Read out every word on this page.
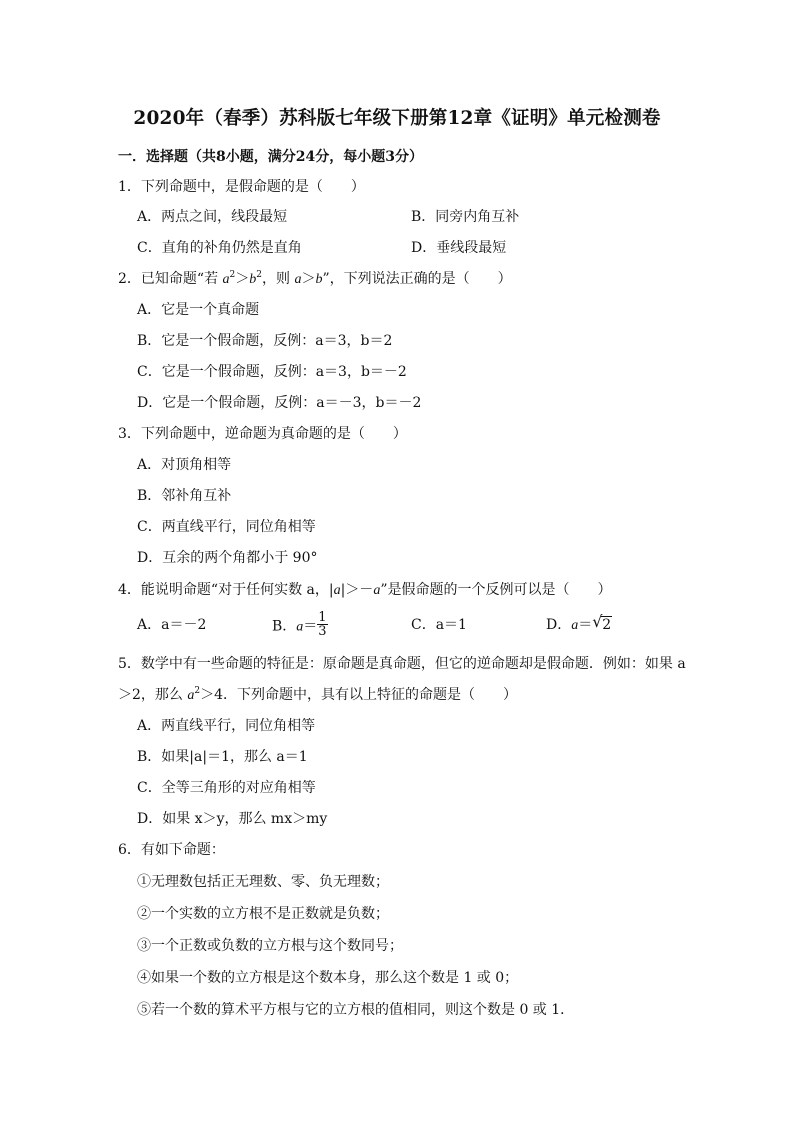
2020年（春季）苏科版七年级下册第12章《证明》单元检测卷
一．选择题（共8小题，满分24分，每小题3分）
1．下列命题中，是假命题的是（　　）
A．两点之间，线段最短	B．同旁内角互补
C．直角的补角仍然是直角	D．垂线段最短
2．已知命题“若 $a^2>b^2$，则 a＞b”，下列说法正确的是（　　）
A．它是一个真命题
B．它是一个假命题，反例：a＝3，b＝2
C．它是一个假命题，反例：a＝3，b＝－2
D．它是一个假命题，反例：a＝－3，b＝－2
3．下列命题中，逆命题为真命题的是（　　）
A．对顶角相等
B．邻补角互补
C．两直线平行，同位角相等
D．互余的两个角都小于 90°
4．能说明命题“对于任何实数 a，|a|＞－a”是假命题的一个反例可以是（　　）
A．a＝－2	B．$a= \frac{1}{3}$	C．a＝1	D．a＝ √ 2
5．数学中有一些命题的特征是：原命题是真命题，但它的逆命题却是假命题．例如：如果 a
＞2，那么 $a^2>4$．下列命题中，具有以上特征的命题是（　　）
A．两直线平行，同位角相等
B．如果|a|＝1，那么 a＝1
C．全等三角形的对应角相等
D．如果 x＞y，那么 mx＞my
6．有如下命题：
①无理数包括正无理数、零、负无理数；
②一个实数的立方根不是正数就是负数；
③一个正数或负数的立方根与这个数同号；
④如果一个数的立方根是这个数本身，那么这个数是 1 或 0；
⑤若一个数的算术平方根与它的立方根的值相同，则这个数是 0 或 1．
